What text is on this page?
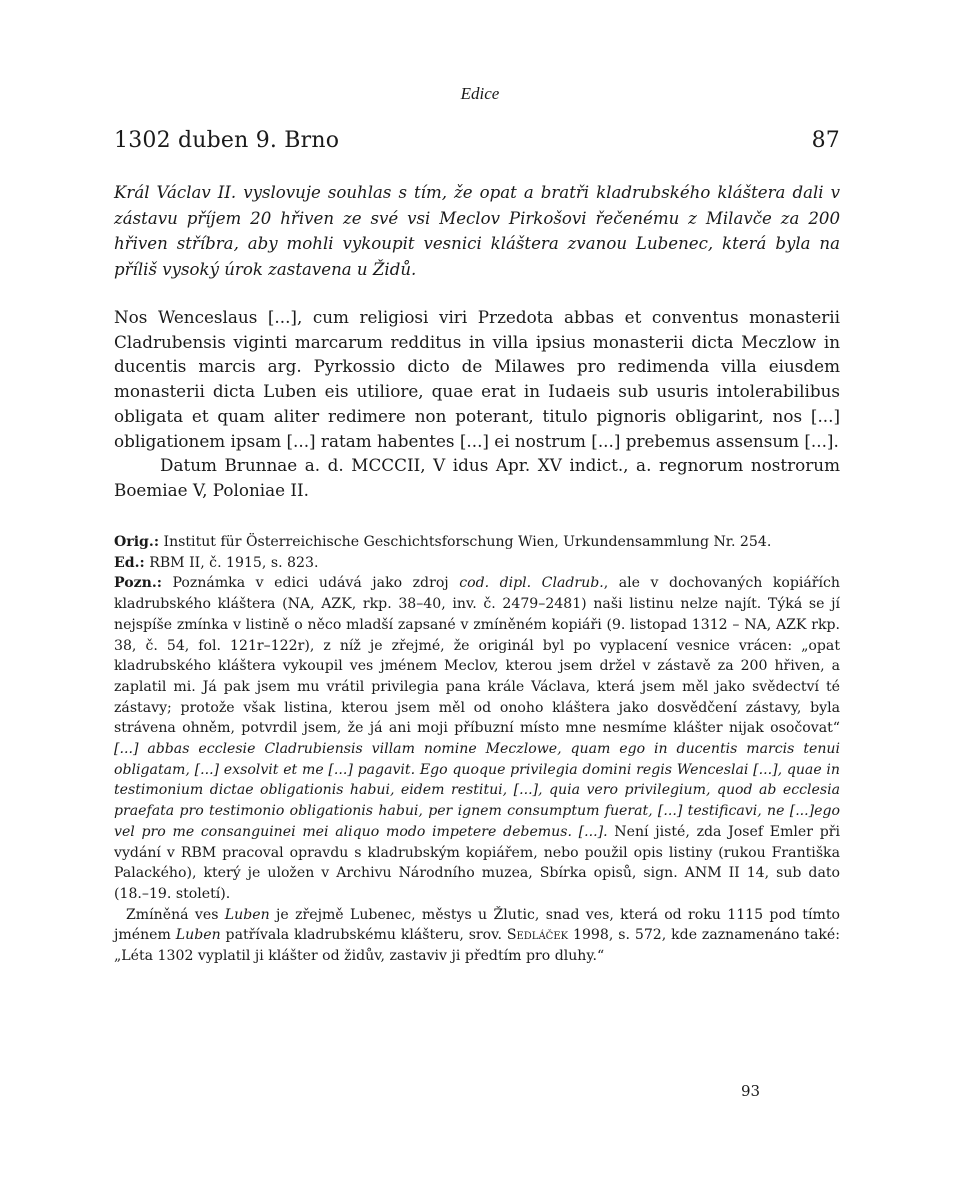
Edice
1302 duben 9. Brno	87
Král Václav II. vyslovuje souhlas s tím, že opat a bratři kladrubského kláštera dali v zástavu příjem 20 hřiven ze své vsi Meclov Pirkošovi řečenému z Milavče za 200 hřiven stříbra, aby mohli vykoupit vesnici kláštera zvanou Lubenec, která byla na příliš vysoký úrok zastavena u Židů.

Nos Wenceslaus [...], cum religiosi viri Przedota abbas et conventus monasterii Cladrubensis viginti marcarum redditus in villa ipsius monasterii dicta Meczlow in ducentis marcis arg. Pyrkossio dicto de Milawes pro redimenda villa eiusdem monasterii dicta Luben eis utiliore, quae erat in Iudaeis sub usuris intolerabilibus obligata et quam aliter redimere non poterant, titulo pignoris obligarint, nos [...] obligationem ipsam [...] ratam habentes [...] ei nostrum [...] prebemus assensum [...].

Datum Brunnae a. d. MCCCII, V idus Apr. XV indict., a. regnorum nostrorum Boemiae V, Poloniae II.

Orig.: Institut für Österreichische Geschichtsforschung Wien, Urkundensammlung Nr. 254.

Ed.: RBM II, č. 1915, s. 823.

Pozn.: Poznámka v edici udává jako zdroj cod. dipl. Cladrub., ale v dochovaných kopiářích kladrubského kláštera (NA, AZK, rkp. 38–40, inv. č. 2479–2481) naši listinu nelze najít. Týká se jí nejspíše zmínka v listině o něco mladší zapsané v zmíněném kopiáři (9. listopad 1312 – NA, AZK rkp. 38, č. 54, fol. 121r–122r), z níž je zřejmé, že originál byl po vyplacení vesnice vrácen: „opat kladrubského kláštera vykoupil ves jménem Meclov, kterou jsem držel v zástavě za 200 hřiven, a zaplatil mi. Já pak jsem mu vrátil privilegia pana krále Václava, která jsem měl jako svědectví té zástavy; protože však listina, kterou jsem měl od onoho kláštera jako dosvědčení zástavy, byla strávena ohněm, potvrdil jsem, že já ani moji příbuzní místo mne nesmíme klášter nijak osočovat“ [...] abbas ecclesie Cladrubiensis villam nomine Meczlowe, quam ego in ducentis marcis tenui obligatam, [...] exsolvit et me [...] pagavit. Ego quoque privilegia domini regis Wenceslai [...], quae in testimonium dictae obligationis habui, eidem restitui, [...], quia vero privilegium, quod ab ecclesia praefata pro testimonio obligationis habui, per ignem consumptum fuerat, [...] testificavi, ne [...]ego vel pro me consanguinei mei aliquo modo impetere debemus. [...]. Není jisté, zda Josef Emler při vydání v RBM pracoval opravdu s kladrubským kopiářem, nebo použil opis listiny (rukou Františka Palackého), který je uložen v Archivu Národního muzea, Sbírka opisů, sign. ANM II 14, sub dato (18.–19. století).

Zmíněná ves Luben je zřejmě Lubenec, městys u Žlutic, snad ves, která od roku 1115 pod tímto jménem Luben patřívala kladrubskému klášteru, srov. Sedláček 1998, s. 572, kde zaznamenáno také: „Léta 1302 vyplatil ji klášter od židův, zastaviv ji předtím pro dluhy.“

93
